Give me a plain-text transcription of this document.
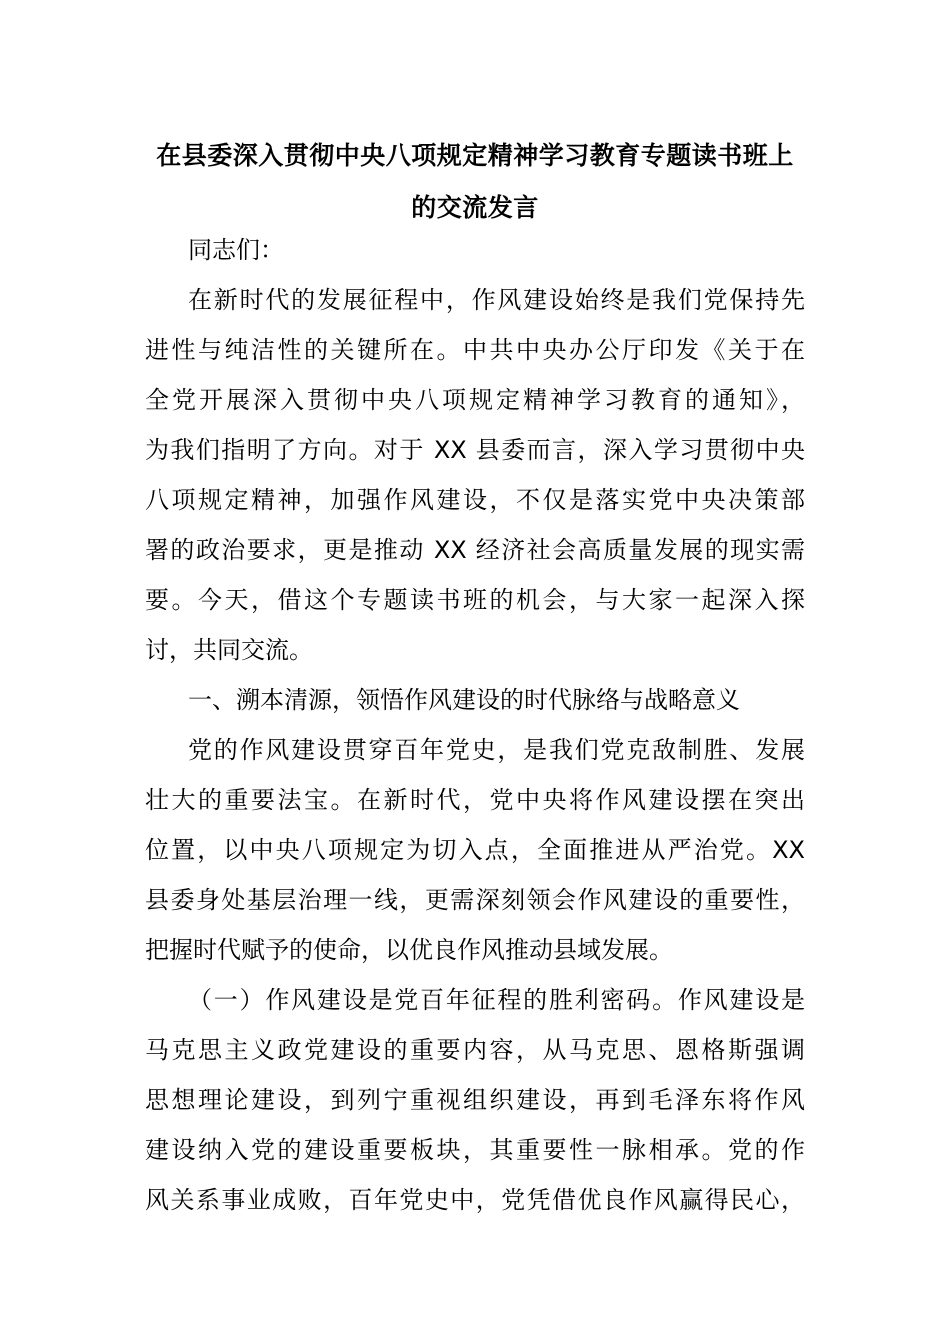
在县委深入贯彻中央八项规定精神学习教育专题读书班上
的交流发言
同志们：
在新时代的发展征程中，作风建设始终是我们党保持先
进性与纯洁性的关键所在。中共中央办公厅印发《关于在
全党开展深入贯彻中央八项规定精神学习教育的通知》，
为我们指明了方向。对于 XX 县委而言，深入学习贯彻中央
八项规定精神，加强作风建设，不仅是落实党中央决策部
署的政治要求，更是推动 XX 经济社会高质量发展的现实需
要。今天，借这个专题读书班的机会，与大家一起深入探
讨，共同交流。
一、溯本清源，领悟作风建设的时代脉络与战略意义
党的作风建设贯穿百年党史，是我们党克敌制胜、发展
壮大的重要法宝。在新时代，党中央将作风建设摆在突出
位置，以中央八项规定为切入点，全面推进从严治党。XX
县委身处基层治理一线，更需深刻领会作风建设的重要性，
把握时代赋予的使命，以优良作风推动县域发展。
（一）作风建设是党百年征程的胜利密码。作风建设是
马克思主义政党建设的重要内容，从马克思、恩格斯强调
思想理论建设，到列宁重视组织建设，再到毛泽东将作风
建设纳入党的建设重要板块，其重要性一脉相承。党的作
风关系事业成败，百年党史中，党凭借优良作风赢得民心，
